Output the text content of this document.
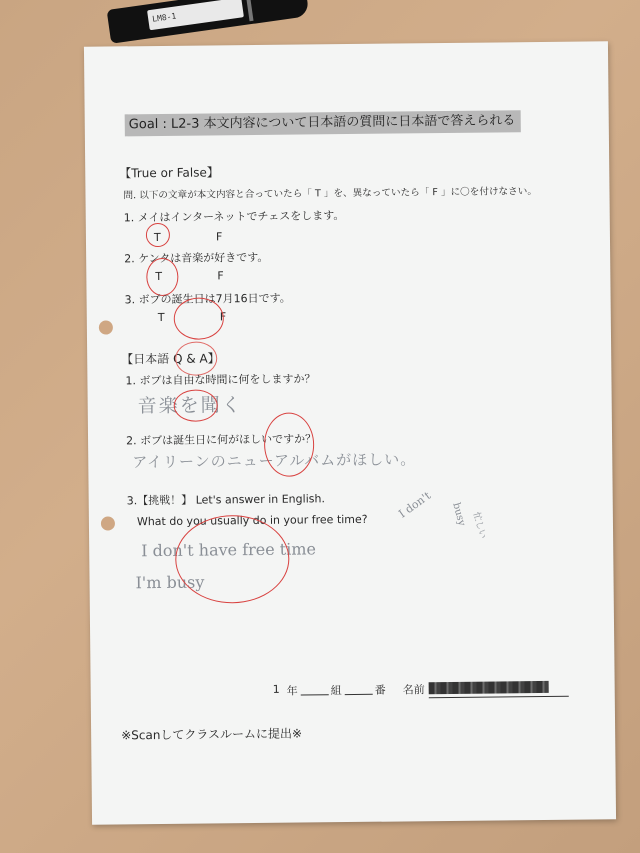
LM8-1
Goal : L2-3 本文内容について日本語の質問に日本語で答えられる
【True or False】
問. 以下の文章が本文内容と合っていたら「 T 」を、異なっていたら「 F 」に〇を付けなさい。
1. メイはインターネットでチェスをします。
T	F
2. ケンタは音楽が好きです。
T	F
3. ボブの誕生日は7月16日です。
T	F
【日本語 Q & A】
1. ボブは自由な時間に何をしますか？
音楽を聞く
2. ボブは誕生日に何がほしいですか？
アイリーンのニューアルバムがほしい。
3.【挑戦！】 Let's answer in English.
What do you usually do in your free time?
I don't have free time
I'm busy
I don't busy 忙しい
1 年	組	番 名前
※Scanしてクラスルームに提出※
